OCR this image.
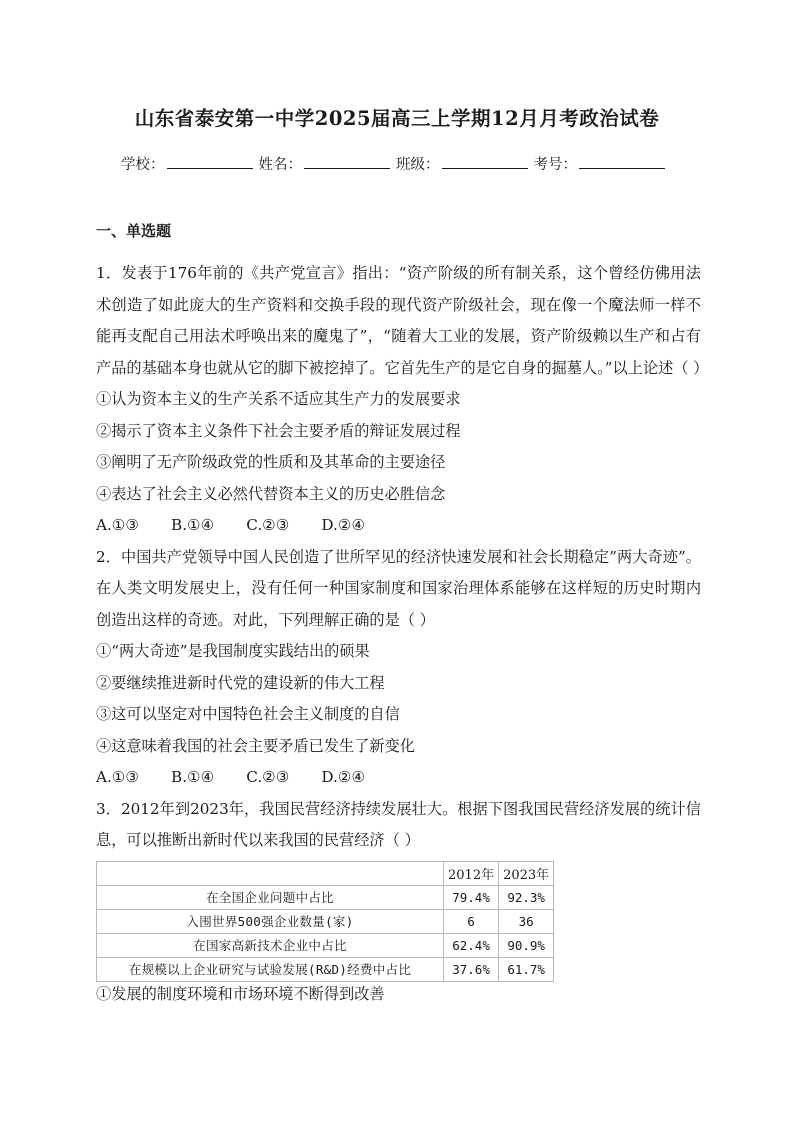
山东省泰安第一中学2025届高三上学期12月月考政治试卷
学校：	姓名：	班级：	考号：
一、单选题

1．发表于176年前的《共产党宣言》指出：“资产阶级的所有制关系，这个曾经仿佛用法术创造了如此庞大的生产资料和交换手段的现代资产阶级社会，现在像一个魔法师一样不能再支配自己用法术呼唤出来的魔鬼了”，“随着大工业的发展，资产阶级赖以生产和占有产品的基础本身也就从它的脚下被挖掉了。它首先生产的是它自身的掘墓人。”以上论述（ ）

①认为资本主义的生产关系不适应其生产力的发展要求

②揭示了资本主义条件下社会主要矛盾的辩证发展过程

③阐明了无产阶级政党的性质和及其革命的主要途径

④表达了社会主义必然代替资本主义的历史必胜信念

A.①③ B.①④ C.②③ D.②④

2．中国共产党领导中国人民创造了世所罕见的经济快速发展和社会长期稳定”两大奇迹”。在人类文明发展史上，没有任何一种国家制度和国家治理体系能够在这样短的历史时期内创造出这样的奇迹。对此，下列理解正确的是（ ）

①“两大奇迹”是我国制度实践结出的硕果

②要继续推进新时代党的建设新的伟大工程

③这可以坚定对中国特色社会主义制度的自信

④这意味着我国的社会主要矛盾已发生了新变化

A.①③ B.①④ C.②③ D.②④

3．2012年到2023年，我国民营经济持续发展壮大。根据下图我国民营经济发展的统计信息，可以推断出新时代以来我国的民营经济（ ）

	2012年	2023年
在全国企业问题中占比	79.4%	92.3%
入围世界500强企业数量(家)	6	36
在国家高新技术企业中占比	62.4%	90.9%
在规模以上企业研究与试验发展(R&D)经费中占比	37.6%	61.7%

①发展的制度环境和市场环境不断得到改善
